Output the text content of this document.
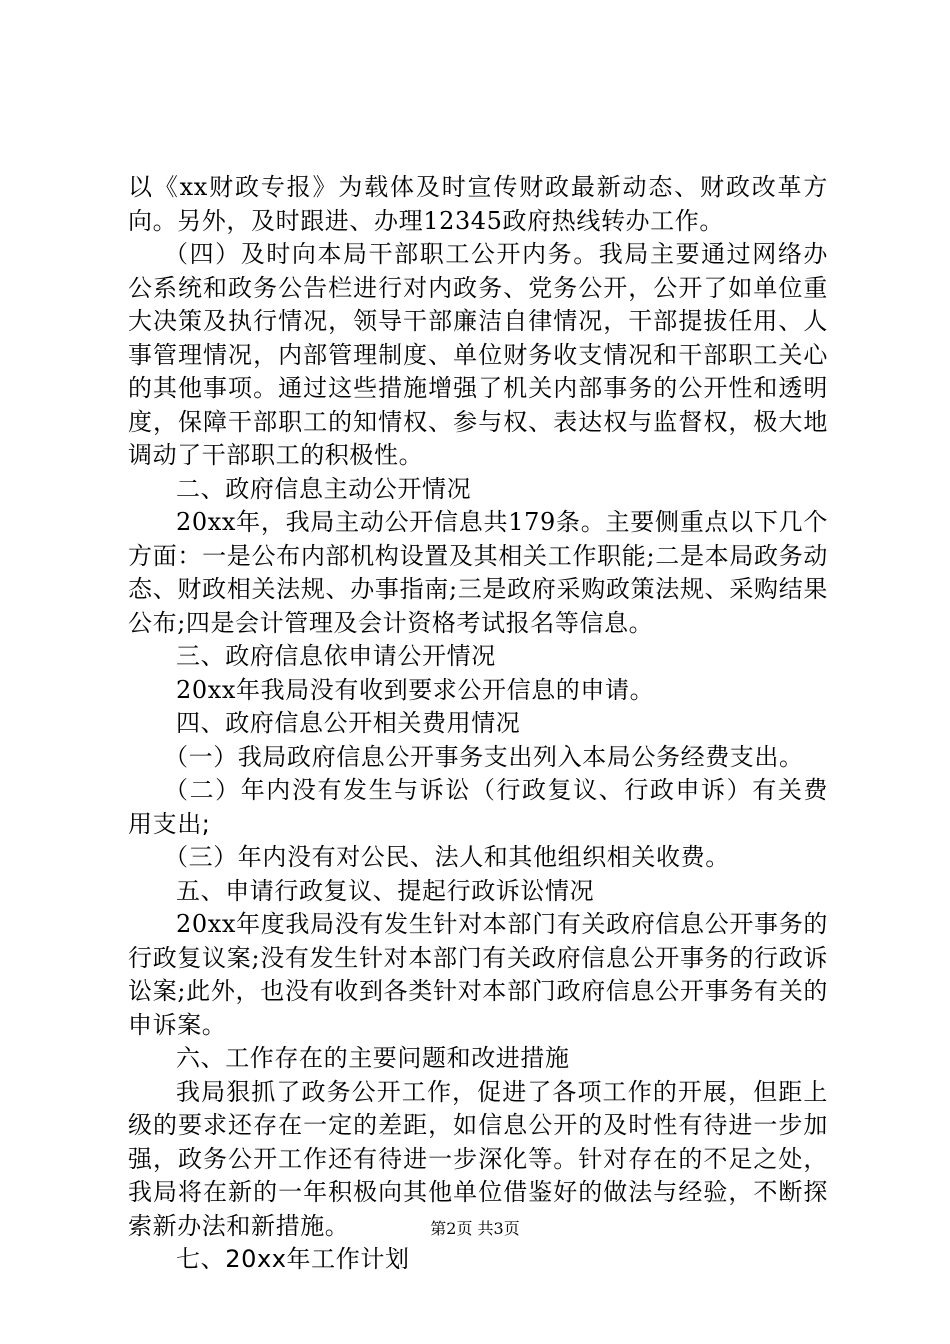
以《xx财政专报》为载体及时宣传财政最新动态、财政改革方向。另外，及时跟进、办理12345政府热线转办工作。

（四）及时向本局干部职工公开内务。我局主要通过网络办公系统和政务公告栏进行对内政务、党务公开，公开了如单位重大决策及执行情况，领导干部廉洁自律情况，干部提拔任用、人事管理情况，内部管理制度、单位财务收支情况和干部职工关心的其他事项。通过这些措施增强了机关内部事务的公开性和透明度，保障干部职工的知情权、参与权、表达权与监督权，极大地调动了干部职工的积极性。

二、政府信息主动公开情况

20xx年，我局主动公开信息共179条。主要侧重点以下几个方面：一是公布内部机构设置及其相关工作职能;二是本局政务动态、财政相关法规、办事指南;三是政府采购政策法规、采购结果公布;四是会计管理及会计资格考试报名等信息。

三、政府信息依申请公开情况

20xx年我局没有收到要求公开信息的申请。

四、政府信息公开相关费用情况

（一）我局政府信息公开事务支出列入本局公务经费支出。

（二）年内没有发生与诉讼（行政复议、行政申诉）有关费用支出;

（三）年内没有对公民、法人和其他组织相关收费。

五、申请行政复议、提起行政诉讼情况

20xx年度我局没有发生针对本部门有关政府信息公开事务的行政复议案;没有发生针对本部门有关政府信息公开事务的行政诉讼案;此外，也没有收到各类针对本部门政府信息公开事务有关的申诉案。

六、工作存在的主要问题和改进措施

我局狠抓了政务公开工作，促进了各项工作的开展，但距上级的要求还存在一定的差距，如信息公开的及时性有待进一步加强，政务公开工作还有待进一步深化等。针对存在的不足之处，我局将在新的一年积极向其他单位借鉴好的做法与经验，不断探索新办法和新措施。

七、20xx年工作计划

第2页 共3页
